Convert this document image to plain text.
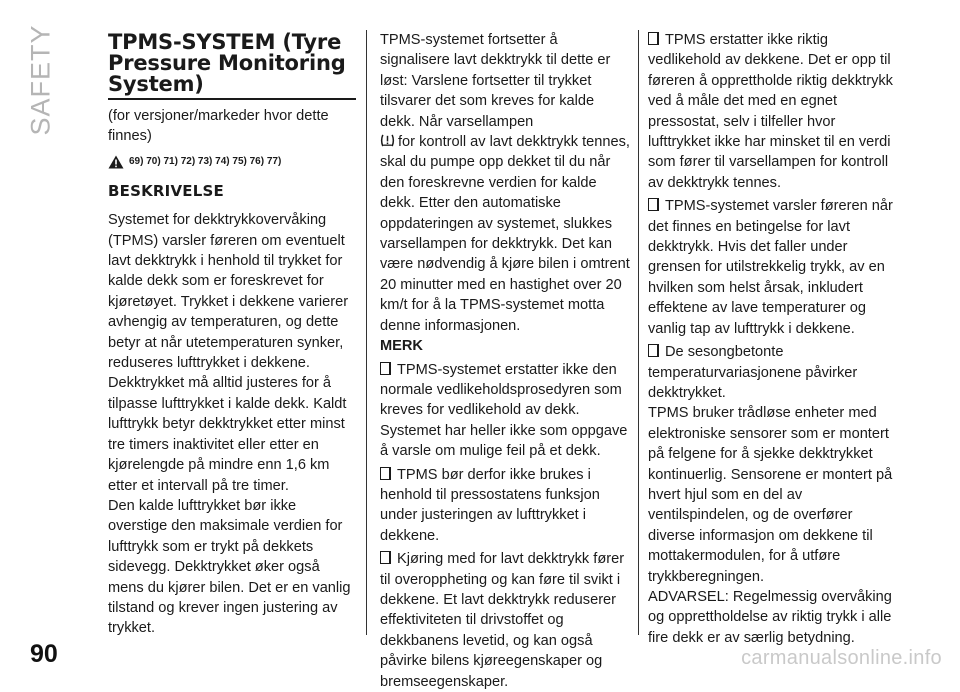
SAFETY	TPMS-SYSTEM (Tyre Pressure Monitoring System)

(for versjoner/markeder hvor dette finnes)

69) 70) 71) 72) 73) 74) 75) 76) 77)
BESKRIVELSE

Systemet for dekktrykkovervåking (TPMS) varsler føreren om eventuelt lavt dekktrykk i henhold til trykket for kalde dekk som er foreskrevet for kjøretøyet. Trykket i dekkene varierer avhengig av temperaturen, og dette betyr at når utetemperaturen synker, reduseres lufttrykket i dekkene.

Dekktrykket må alltid justeres for å tilpasse lufttrykket i kalde dekk. Kaldt lufttrykk betyr dekktrykket etter minst tre timers inaktivitet eller etter en kjørelengde på mindre enn 1,6 km etter et intervall på tre timer.

Den kalde lufttrykket bør ikke overstige den maksimale verdien for lufttrykk som er trykt på dekkets sidevegg. Dekktrykket øker også mens du kjører bilen. Det er en vanlig tilstand og krever ingen justering av trykket.

TPMS-systemet fortsetter å signalisere lavt dekktrykk til dette er løst: Varslene fortsetter til trykket tilsvarer det som kreves for kalde dekk. Når varsellampen
for kontroll av lavt dekktrykk tennes, skal du pumpe opp dekket til du når den foreskrevne verdien for kalde dekk. Etter den automatiske oppdateringen av systemet, slukkes varsellampen for dekktrykk. Det kan være nødvendig å kjøre bilen i omtrent 20 minutter med en hastighet over 20 km/t for å la TPMS-systemet motta denne informasjonen.

MERK

TPMS-systemet erstatter ikke den normale vedlikeholdsprosedyren som kreves for vedlikehold av dekk. Systemet har heller ikke som oppgave å varsle om mulige feil på et dekk.

TPMS bør derfor ikke brukes i henhold til pressostatens funksjon under justeringen av lufttrykket i dekkene.

Kjøring med for lavt dekktrykk fører til overoppheting og kan føre til svikt i dekkene. Et lavt dekktrykk reduserer effektiviteten til drivstoffet og dekkbanens levetid, og kan også påvirke bilens kjøreegenskaper og bremseegenskaper.

TPMS erstatter ikke riktig vedlikehold av dekkene. Det er opp til føreren å opprettholde riktig dekktrykk ved å måle det med en egnet pressostat, selv i tilfeller hvor lufttrykket ikke har minsket til en verdi som fører til varsellampen for kontroll av dekktrykk tennes.

TPMS-systemet varsler føreren når det finnes en betingelse for lavt dekktrykk. Hvis det faller under grensen for utilstrekkelig trykk, av en hvilken som helst årsak, inkludert effektene av lave temperaturer og vanlig tap av lufttrykk i dekkene.

De sesongbetonte temperaturvariasjonene påvirker dekktrykket.

TPMS bruker trådløse enheter med elektroniske sensorer som er montert på felgene for å sjekke dekktrykket kontinuerlig. Sensorene er montert på hvert hjul som en del av ventilspindelen, og de overfører diverse informasjon om dekkene til mottakermodulen, for å utføre trykkberegningen.

ADVARSEL: Regelmessig overvåking og opprettholdelse av riktig trykk i alle fire dekk er av særlig betydning.

90	carmanualsonline.info
